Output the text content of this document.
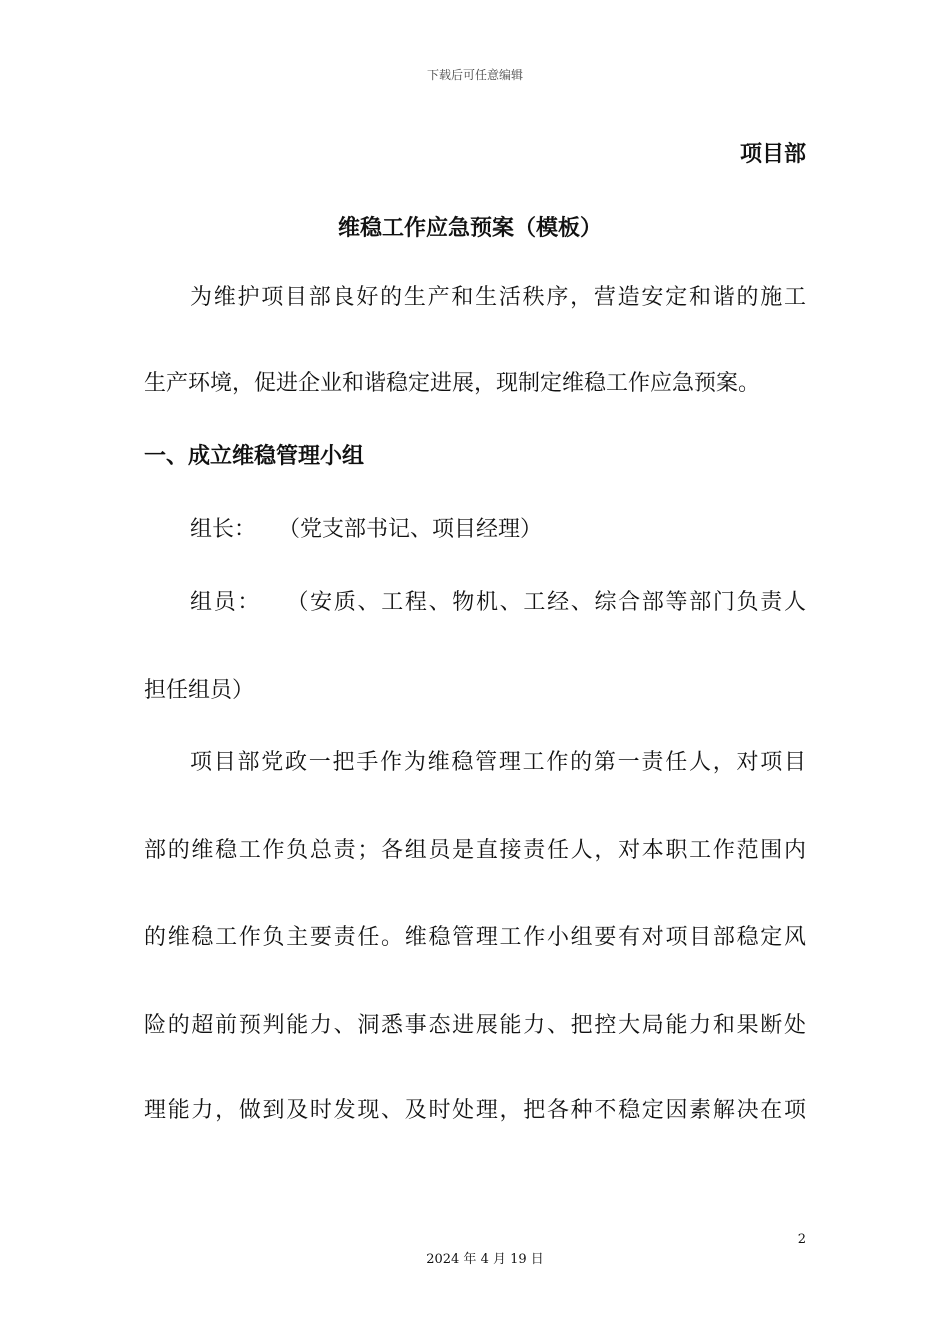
下载后可任意编辑
项目部
维稳工作应急预案（模板）
为维护项目部良好的生产和生活秩序，营造安定和谐的施工
生产环境，促进企业和谐稳定进展，现制定维稳工作应急预案。
一、成立维稳管理小组
组长：　　（党支部书记、项目经理）
组员：　　（安质、工程、物机、工经、综合部等部门负责人
担任组员）
项目部党政一把手作为维稳管理工作的第一责任人，对项目
部的维稳工作负总责；各组员是直接责任人，对本职工作范围内
的维稳工作负主要责任。维稳管理工作小组要有对项目部稳定风
险的超前预判能力、洞悉事态进展能力、把控大局能力和果断处
理能力，做到及时发现、及时处理，把各种不稳定因素解决在项
2
2024 年 4 月 19 日
